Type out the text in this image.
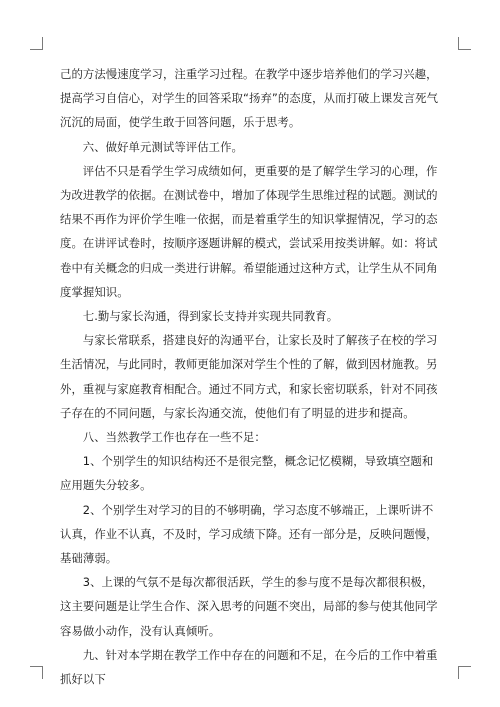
己的方法慢速度学习，注重学习过程。在教学中逐步培养他们的学习兴趣，提高学习自信心，对学生的回答采取“扬弃”的态度，从而打破上课发言死气沉沉的局面，使学生敢于回答问题，乐于思考。

六、做好单元测试等评估工作。

评估不只是看学生学习成绩如何，更重要的是了解学生学习的心理，作为改进教学的依据。在测试卷中，增加了体现学生思维过程的试题。测试的结果不再作为评价学生唯一依据，而是着重学生的知识掌握情况，学习的态度。在讲评试卷时，按顺序逐题讲解的模式，尝试采用按类讲解。如：将试卷中有关概念的归成一类进行讲解。希望能通过这种方式，让学生从不同角度掌握知识。

七.勤与家长沟通，得到家长支持并实现共同教育。

与家长常联系，搭建良好的沟通平台，让家长及时了解孩子在校的学习生活情况，与此同时，教师更能加深对学生个性的了解，做到因材施教。另外，重视与家庭教育相配合。通过不同方式，和家长密切联系，针对不同孩子存在的不同问题，与家长沟通交流，使他们有了明显的进步和提高。

八、当然教学工作也存在一些不足：

1、个别学生的知识结构还不是很完整，概念记忆模糊，导致填空题和应用题失分较多。

2、个别学生对学习的目的不够明确，学习态度不够端正，上课听讲不认真，作业不认真，不及时，学习成绩下降。还有一部分是，反映问题慢，基础薄弱。

3、上课的气氛不是每次都很活跃，学生的参与度不是每次都很积极，这主要问题是让学生合作、深入思考的问题不突出，局部的参与使其他同学容易做小动作，没有认真倾听。

九、针对本学期在教学工作中存在的问题和不足，在今后的工作中着重抓好以下
